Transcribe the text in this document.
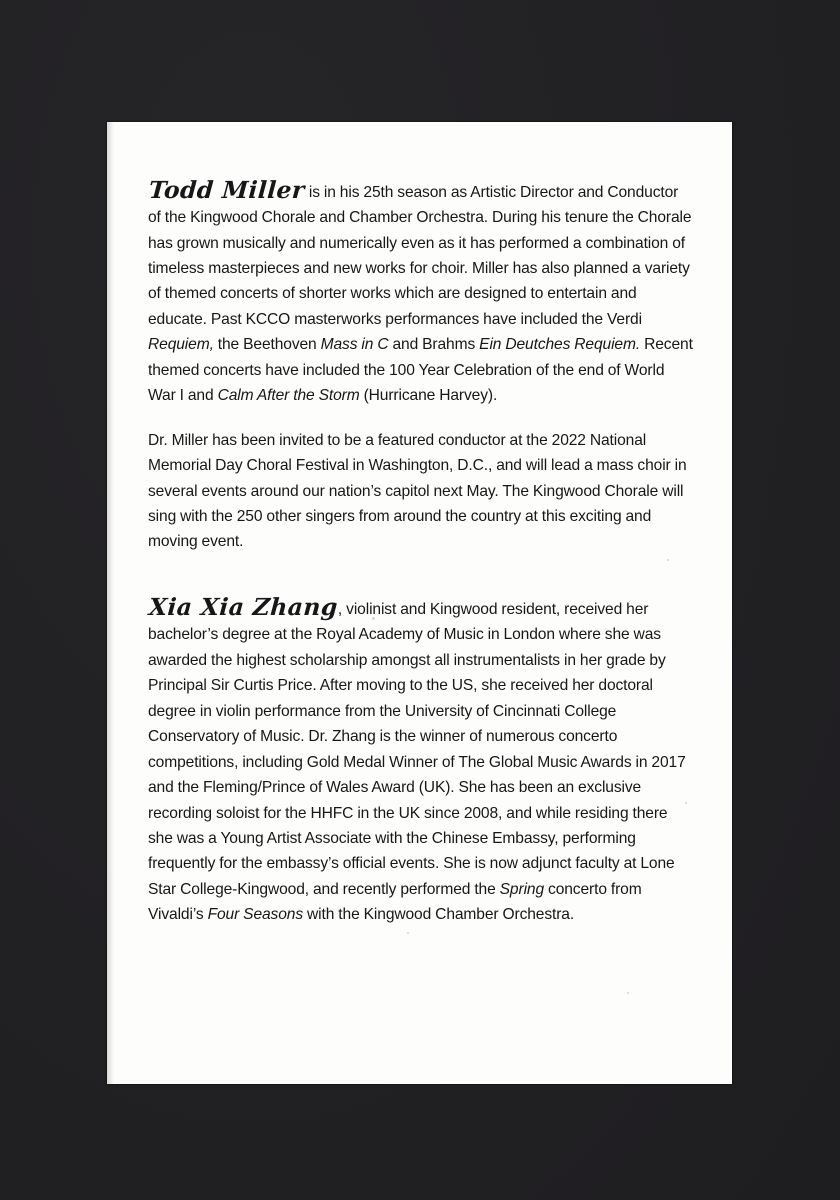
Todd Miller is in his 25th season as Artistic Director and Conductor of the Kingwood Chorale and Chamber Orchestra. During his tenure the Chorale has grown musically and numerically even as it has performed a combination of timeless masterpieces and new works for choir. Miller has also planned a variety of themed concerts of shorter works which are designed to entertain and educate. Past KCCO masterworks performances have included the Verdi Requiem, the Beethoven Mass in C and Brahms Ein Deutches Requiem. Recent themed concerts have included the 100 Year Celebration of the end of World War I and Calm After the Storm (Hurricane Harvey).

Dr. Miller has been invited to be a featured conductor at the 2022 National Memorial Day Choral Festival in Washington, D.C., and will lead a mass choir in several events around our nation’s capitol next May. The Kingwood Chorale will sing with the 250 other singers from around the country at this exciting and moving event.

Xia Xia Zhang, violinist and Kingwood resident, received her bachelor’s degree at the Royal Academy of Music in London where she was awarded the highest scholarship amongst all instrumentalists in her grade by Principal Sir Curtis Price. After moving to the US, she received her doctoral degree in violin performance from the University of Cincinnati College Conservatory of Music. Dr. Zhang is the winner of numerous concerto competitions, including Gold Medal Winner of The Global Music Awards in 2017 and the Fleming/Prince of Wales Award (UK). She has been an exclusive recording soloist for the HHFC in the UK since 2008, and while residing there she was a Young Artist Associate with the Chinese Embassy, performing frequently for the embassy’s official events. She is now adjunct faculty at Lone Star College-Kingwood, and recently performed the Spring concerto from Vivaldi’s Four Seasons with the Kingwood Chamber Orchestra.
